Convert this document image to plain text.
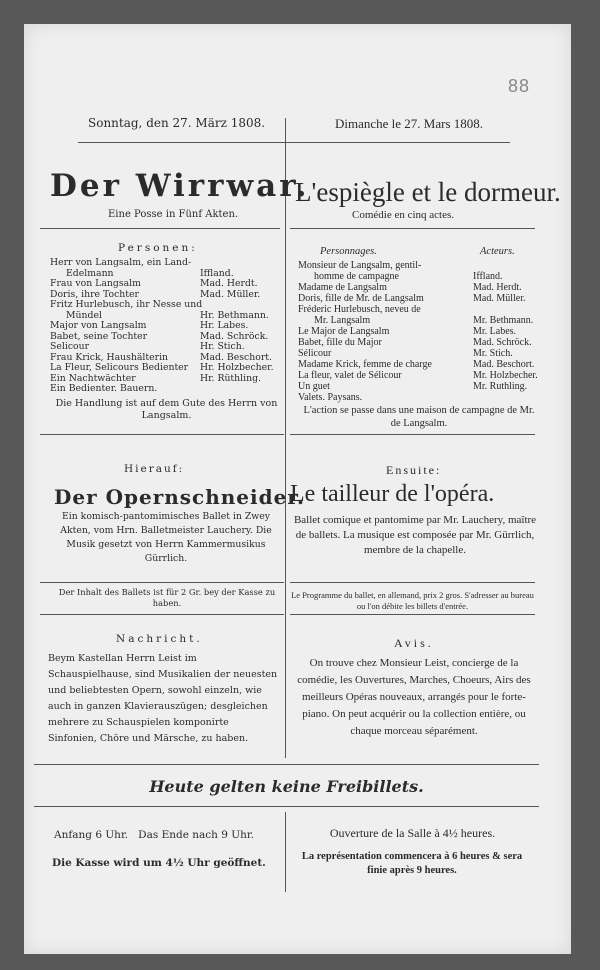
88
Sonntag, den 27. März 1808.
Der Wirrwar.
Eine Posse in Fünf Akten.
Personen:
Herr von Langsalm, ein Land-
Edelmann	Iffland.
Frau von Langsalm	Mad. Herdt.
Doris, ihre Tochter	Mad. Müller.
Fritz Hurlebusch, ihr Nesse und
Mündel	Hr. Bethmann.
Major von Langsalm	Hr. Labes.
Babet, seine Tochter	Mad. Schröck.
Selicour	Hr. Stich.
Frau Krick, Haushälterin	Mad. Beschort.
La Fleur, Selicours Bedienter Hr. Holzbecher.
Ein Nachtwächter	Hr. Rüthling.
Ein Bedienter. Bauern.
Die Handlung ist auf dem Gute des Herrn von Langsalm.
Hierauf:
Der Opernschneider.
Ein komisch-pantomimisches Ballet in Zwey Akten, vom Hrn. Balletmeister Lauchery. Die Musik gesetzt von Herrn Kammermusikus Gürrlich.
Der Inhalt des Ballets ist für 2 Gr. bey der Kasse zu haben.
Nachricht.
Beym Kastellan Herrn Leist im Schauspielhause, sind Musikalien der neuesten und beliebtesten Opern, sowohl einzeln, wie auch in ganzen Klavierauszügen; desgleichen mehrere zu Schauspielen komponirte Sinfonien, Chöre und Märsche, zu haben.
Dimanche le 27. Mars 1808.
L'espiègle et le dormeur.
Comédie en cinq actes.
Personnages.	Acteurs.
Monsieur de Langsalm, gentil-
homme de campagne	Iffland.
Madame de Langsalm	Mad. Herdt.
Doris, fille de Mr. de Langsalm	Mad. Müller.
Fréderic Hurlebusch, neveu de
Mr. Langsalm	Mr. Bethmann.
Le Major de Langsalm	Mr. Labes.
Babet, fille du Major	Mad. Schröck.
Sélicour	Mr. Stich.
Madame Krick, femme de charge	Mad. Beschort.
La fleur, valet de Sélicour	Mr. Holzbecher.
Un guet	Mr. Ruthling.
Valets. Paysans.
L'action se passe dans une maison de campagne de Mr. de Langsalm.
Ensuite:
Le tailleur de l'opéra.
Ballet comique et pantomime par Mr. Lauchery, maître de ballets. La musique est composée par Mr. Gürrlich, membre de la chapelle.
Le Programme du ballet, en allemand, prix 2 gros. S'adresser au bureau ou l'on débite les billets d'entrée.
Avis.
On trouve chez Monsieur Leist, concierge de la comédie, les Ouvertures, Marches, Choeurs, Airs des meilleurs Opéras nouveaux, arrangés pour le forte-piano. On peut acquérir ou la collection entière, ou chaque morceau séparément.
Heute gelten keine Freibillets.
Anfang 6 Uhr.   Das Ende nach 9 Uhr.
Die Kasse wird um 4½ Uhr geöffnet.
Ouverture de la Salle à 4½ heures.
La représentation commencera à 6 heures & sera finie après 9 heures.
